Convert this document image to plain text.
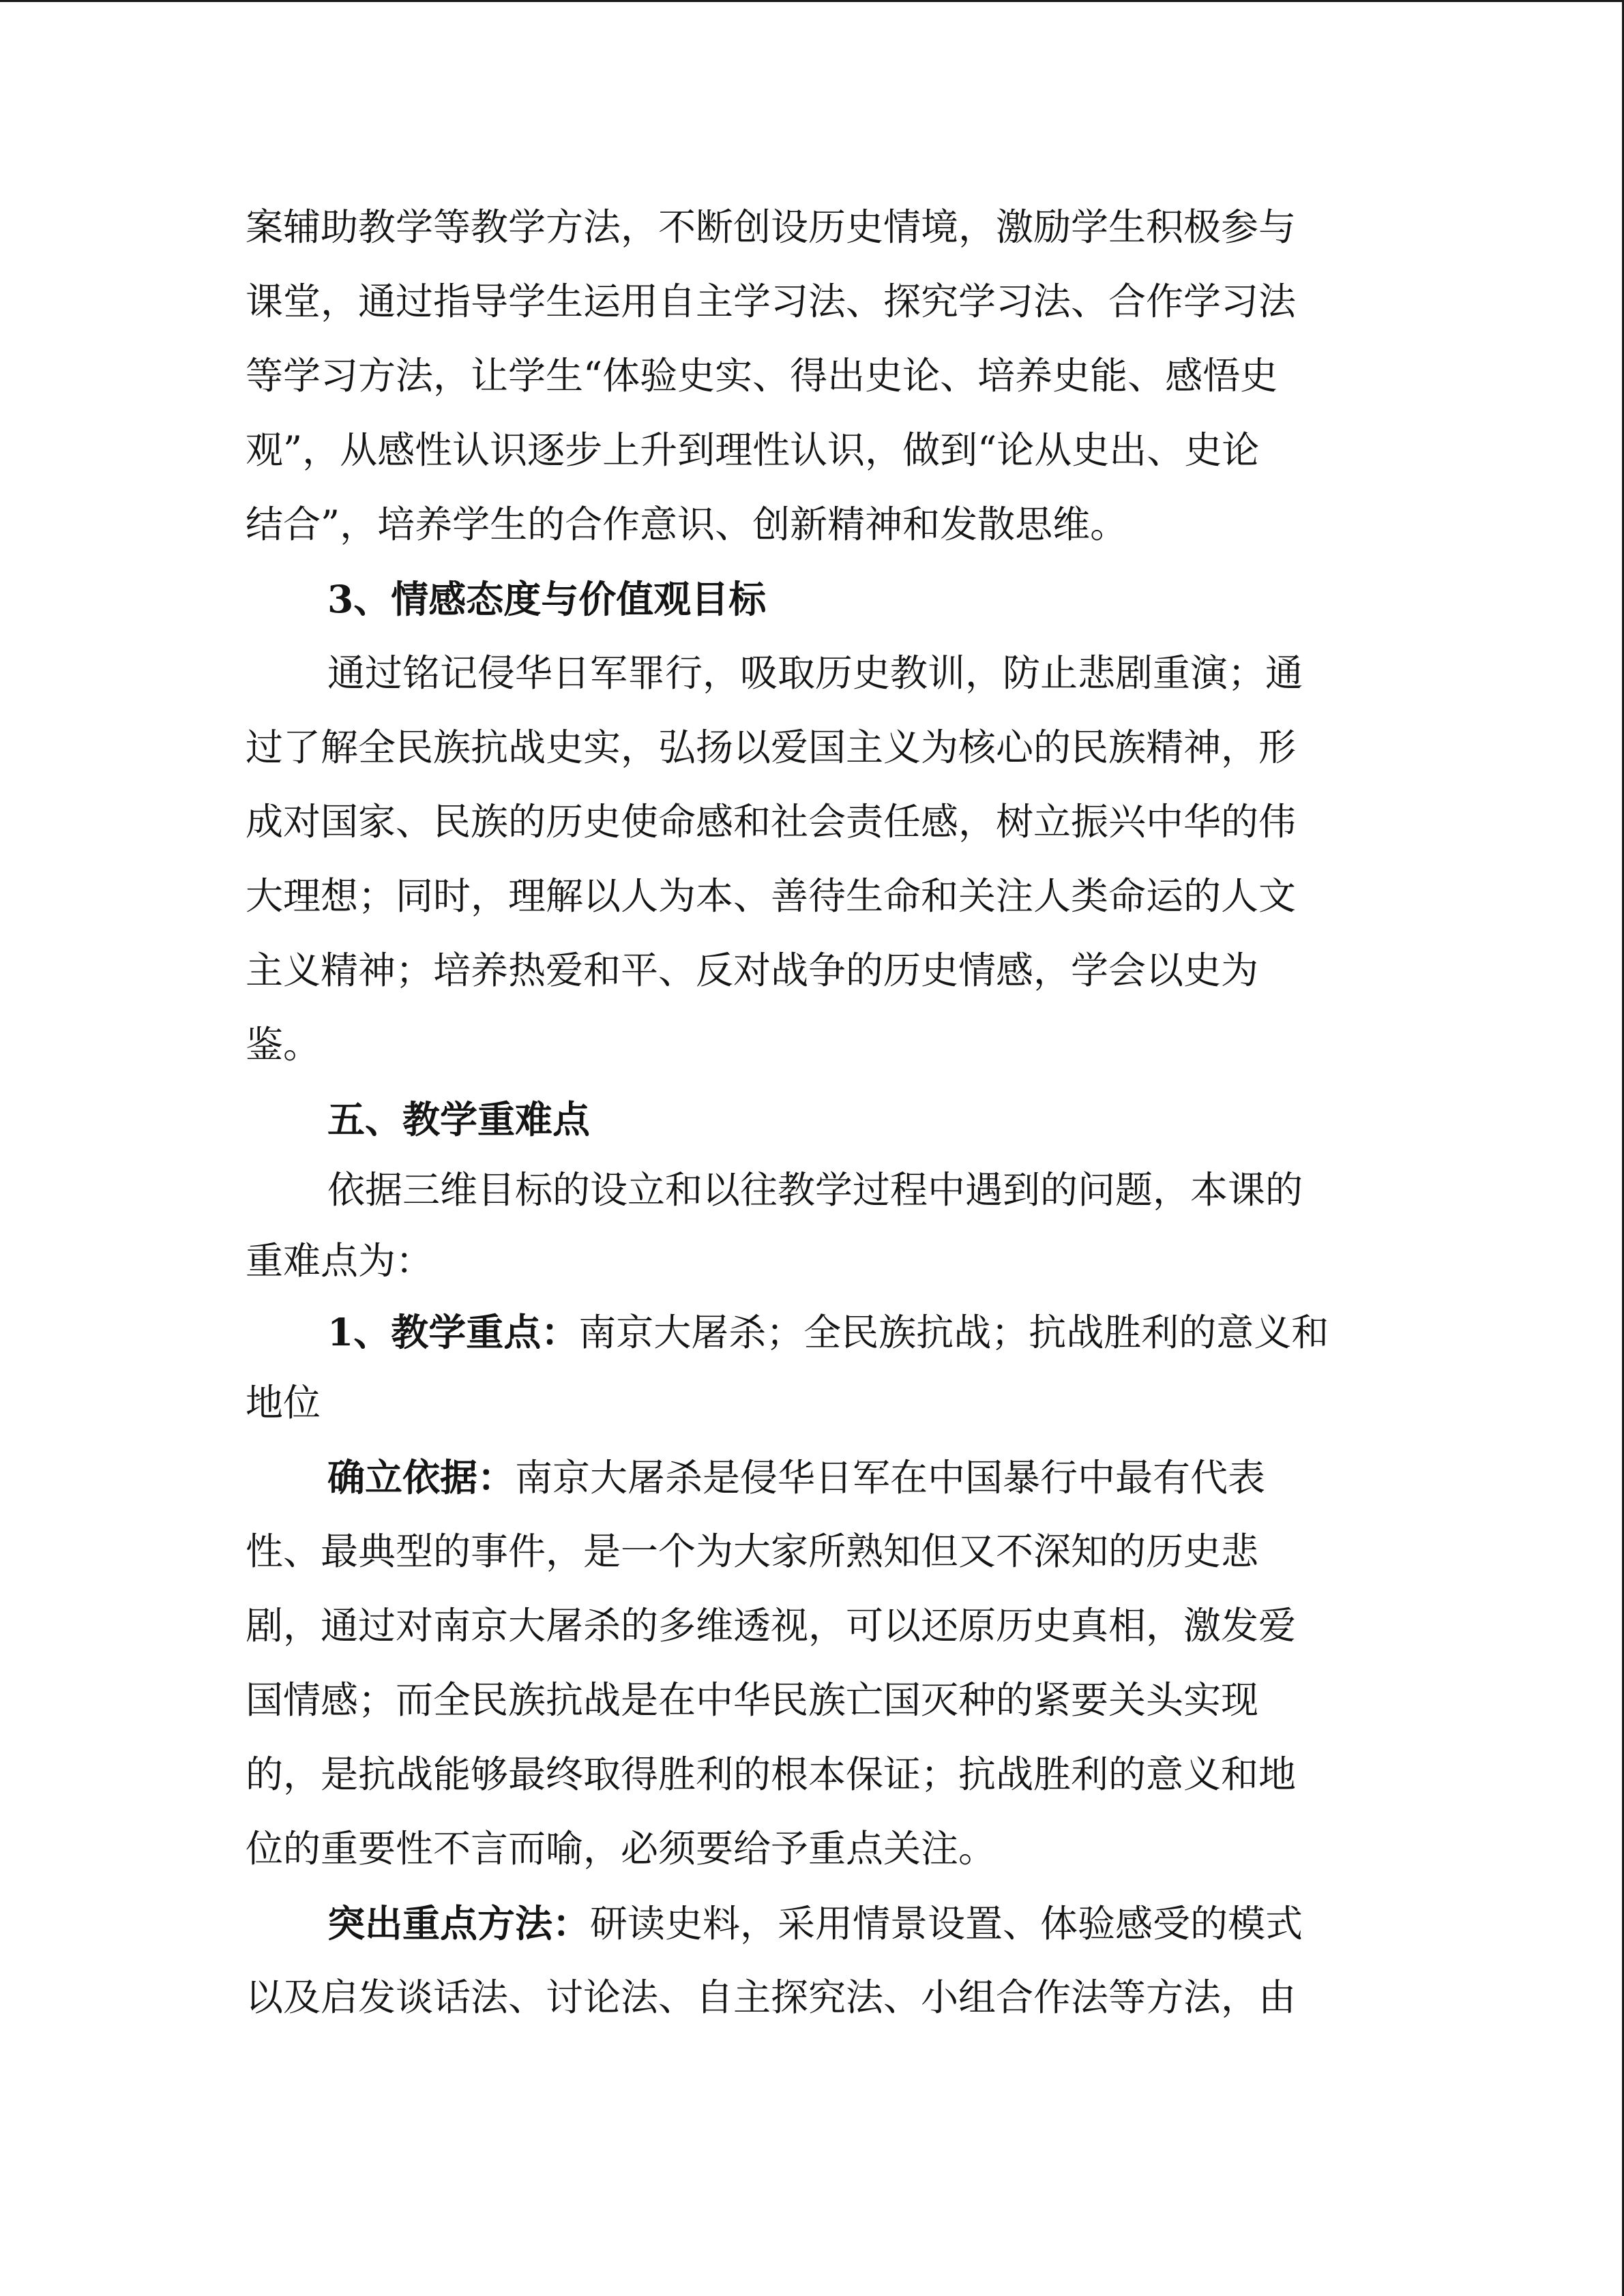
案辅助教学等教学方法，不断创设历史情境，激励学生积极参与
课堂，通过指导学生运用自主学习法、探究学习法、合作学习法
等学习方法，让学生“体验史实、得出史论、培养史能、感悟史
观”，从感性认识逐步上升到理性认识，做到“论从史出、史论
结合”，培养学生的合作意识、创新精神和发散思维。
3、情感态度与价值观目标
通过铭记侵华日军罪行，吸取历史教训，防止悲剧重演；通
过了解全民族抗战史实，弘扬以爱国主义为核心的民族精神，形
成对国家、民族的历史使命感和社会责任感，树立振兴中华的伟
大理想；同时，理解以人为本、善待生命和关注人类命运的人文
主义精神；培养热爱和平、反对战争的历史情感，学会以史为
鉴。
五、教学重难点
依据三维目标的设立和以往教学过程中遇到的问题，本课的
重难点为：
1、教学重点：南京大屠杀；全民族抗战；抗战胜利的意义和
地位
确立依据：南京大屠杀是侵华日军在中国暴行中最有代表
性、最典型的事件，是一个为大家所熟知但又不深知的历史悲
剧，通过对南京大屠杀的多维透视，可以还原历史真相，激发爱
国情感；而全民族抗战是在中华民族亡国灭种的紧要关头实现
的，是抗战能够最终取得胜利的根本保证；抗战胜利的意义和地
位的重要性不言而喻，必须要给予重点关注。
突出重点方法：研读史料，采用情景设置、体验感受的模式
以及启发谈话法、讨论法、自主探究法、小组合作法等方法，由
